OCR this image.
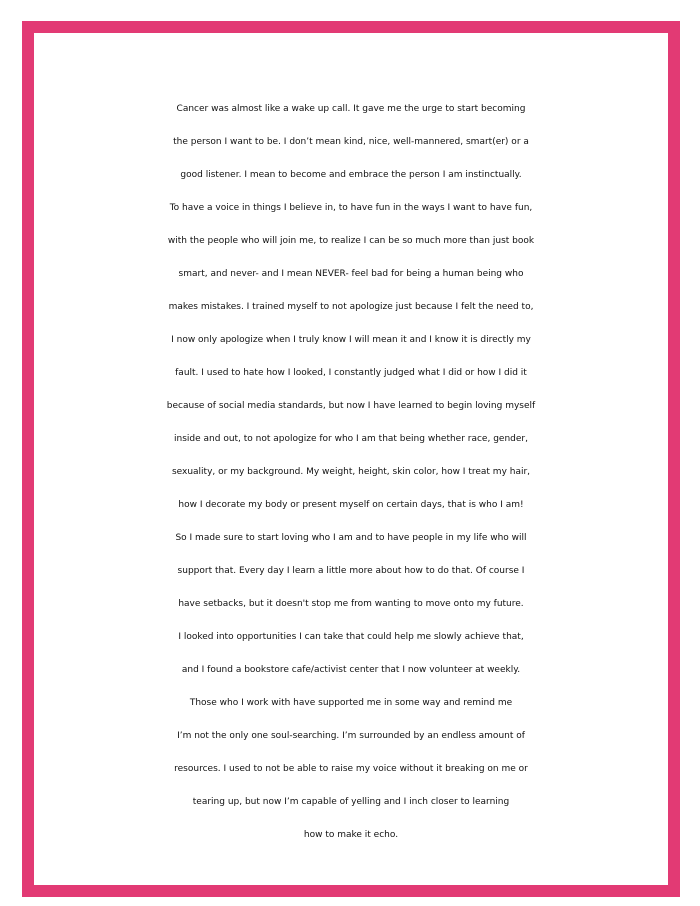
Cancer was almost like a wake up call. It gave me the urge to start becoming
the person I want to be. I don’t mean kind, nice, well-mannered, smart(er) or a
good listener. I mean to become and embrace the person I am instinctually.
To have a voice in things I believe in, to have fun in the ways I want to have fun,
with the people who will join me, to realize I can be so much more than just book
smart, and never- and I mean NEVER- feel bad for being a human being who
makes mistakes. I trained myself to not apologize just because I felt the need to,
I now only apologize when I truly know I will mean it and I know it is directly my
fault. I used to hate how I looked, I constantly judged what I did or how I did it
because of social media standards, but now I have learned to begin loving myself
inside and out, to not apologize for who I am that being whether race, gender,
sexuality, or my background. My weight, height, skin color, how I treat my hair,
how I decorate my body or present myself on certain days, that is who I am!
So I made sure to start loving who I am and to have people in my life who will
support that. Every day I learn a little more about how to do that. Of course I
have setbacks, but it doesn't stop me from wanting to move onto my future.
I looked into opportunities I can take that could help me slowly achieve that,
and I found a bookstore cafe/activist center that I now volunteer at weekly.
Those who I work with have supported me in some way and remind me
I’m not the only one soul-searching. I’m surrounded by an endless amount of
resources. I used to not be able to raise my voice without it breaking on me or
tearing up, but now I’m capable of yelling and I inch closer to learning
how to make it echo.
